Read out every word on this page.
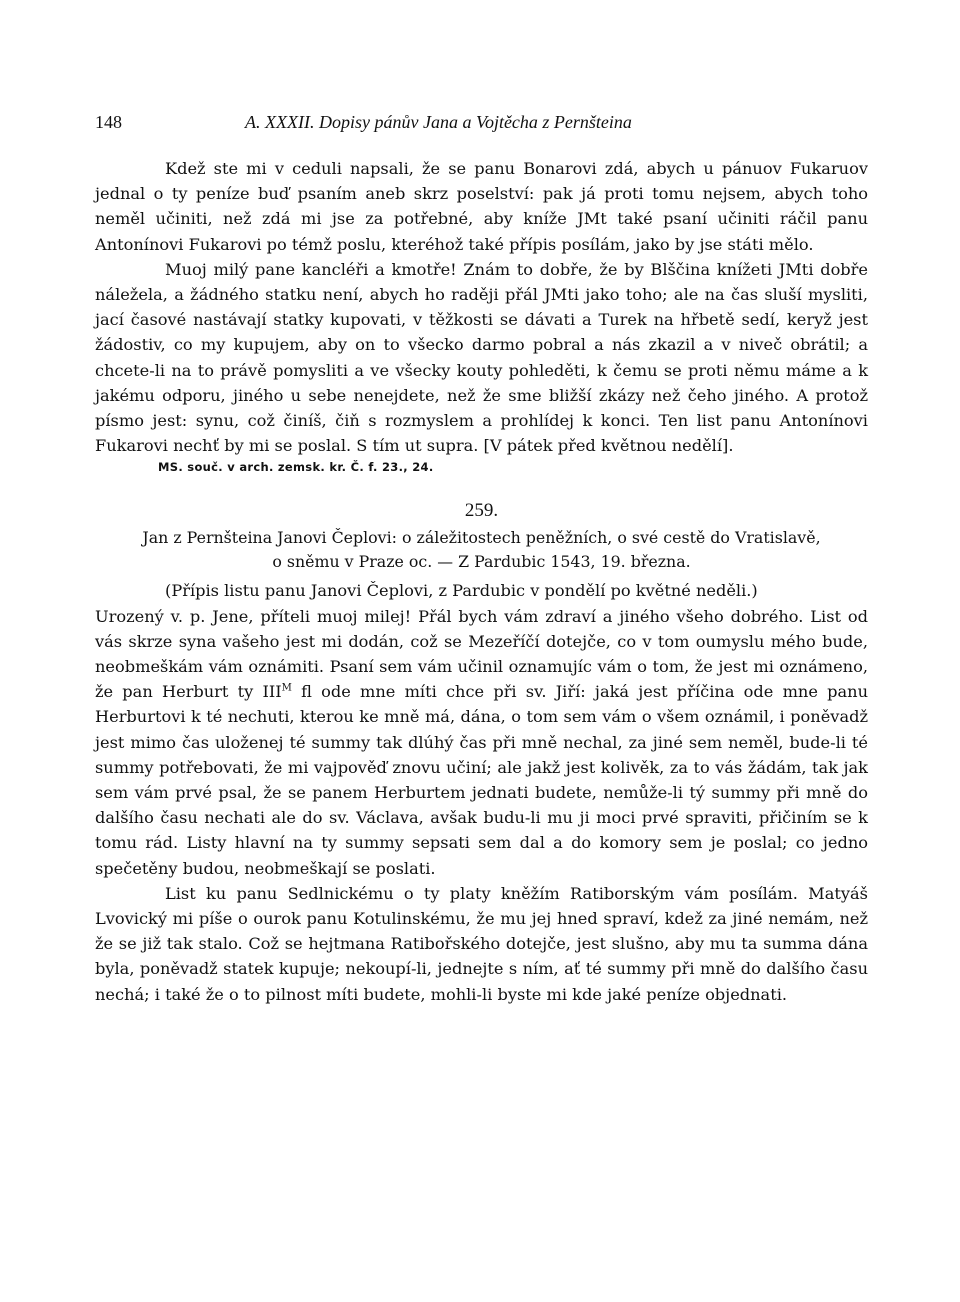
148	A. XXXII. Dopisy pánův Jana a Vojtěcha z Pernšteina

Kdež ste mi v ceduli napsali, že se panu Bonarovi zdá, abych u pánuov Fukaruov jednal o ty peníze buď psaním aneb skrz poselství: pak já proti tomu nejsem, abych toho neměl učiniti, než zdá mi jse za potřebné, aby kníže JMt také psaní učiniti ráčil panu Antonínovi Fukarovi po témž poslu, kteréhož také přípis posílám, jako by jse státi mělo.

Muoj milý pane kancléři a kmotře! Znám to dobře, že by Blščina knížeti JMti dobře náležela, a žádného statku není, abych ho raději přál JMti jako toho; ale na čas sluší mysliti, jací časové nastávají statky kupovati, v těžkosti se dávati a Turek na hřbetě sedí, keryž jest žádostiv, co my kupujem, aby on to všecko darmo pobral a nás zkazil a v niveč obrátil; a chcete-li na to právě pomysliti a ve všecky kouty pohleděti, k čemu se proti němu máme a k jakému odporu, jiného u sebe nenejdete, než že sme bližší zkázy než čeho jiného. A protož písmo jest: synu, což činíš, čiň s rozmyslem a prohlídej k konci. Ten list panu Antonínovi Fukarovi nechť by mi se poslal. S tím ut supra. [V pátek před květnou nedělí].

MS. souč. v arch. zemsk. kr. Č. f. 23., 24.
259.
Jan z Pernšteina Janovi Čeplovi: o záležitostech peněžních, o své cestě do Vratislavě,
o sněmu v Praze oc. — Z Pardubic 1543, 19. března.

(Přípis listu panu Janovi Čeplovi, z Pardubic v pondělí po květné neděli.)

Urozený v. p. Jene, příteli muoj milej! Přál bych vám zdraví a jiného všeho dobrého. List od vás skrze syna vašeho jest mi dodán, což se Mezeříčí dotejče, co v tom oumyslu mého bude, neobmeškám vám oznámiti. Psaní sem vám učinil oznamujíc vám o tom, že jest mi oznámeno, že pan Herburt ty $III^M$ fl ode mne míti chce při sv. Jiří: jaká jest příčina ode mne panu Herburtovi k té nechuti, kterou ke mně má, dána, o tom sem vám o všem oznámil, i poněvadž jest mimo čas uloženej té summy tak dlúhý čas při mně nechal, za jiné sem neměl, bude-li té summy potřebovati, že mi vajpověď znovu učiní; ale jakž jest kolivěk, za to vás žádám, tak jak sem vám prvé psal, že se panem Herburtem jednati budete, nemůže-li tý summy při mně do dalšího času nechati ale do sv. Václava, avšak budu-li mu ji moci prvé spraviti, přičiním se k tomu rád. Listy hlavní na ty summy sepsati sem dal a do komory sem je poslal; co jedno spečetěny budou, neobmeškají se poslati.

List ku panu Sedlnickému o ty platy kněžím Ratiborským vám posílám. Matyáš Lvovický mi píše o ourok panu Kotulinskému, že mu jej hned spraví, kdež za jiné nemám, než že se již tak stalo. Což se hejtmana Ratibořského dotejče, jest slušno, aby mu ta summa dána byla, poněvadž statek kupuje; nekoupí-li, jednejte s ním, ať té summy při mně do dalšího času nechá; i také že o to pilnost míti budete, mohli-li byste mi kde jaké peníze objednati.
